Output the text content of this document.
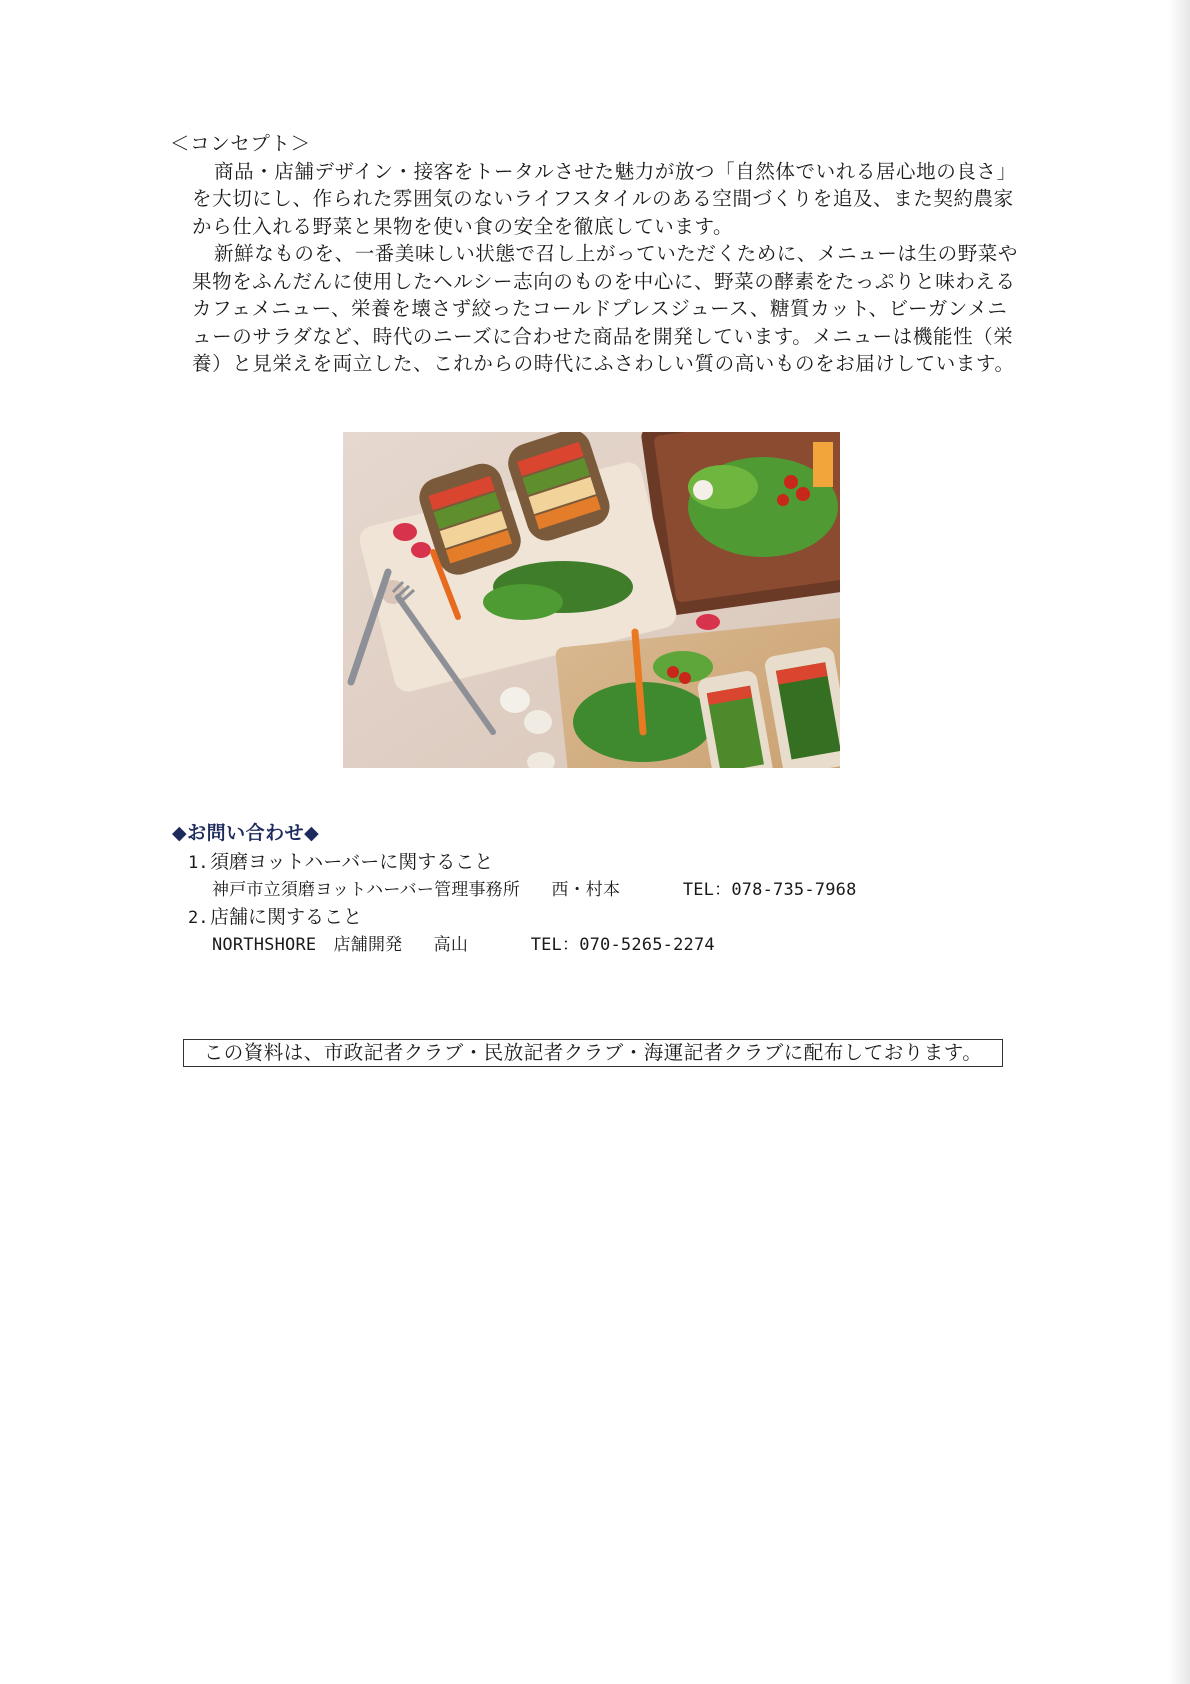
＜コンセプト＞

商品・店舗デザイン・接客をトータルさせた魅力が放つ「自然体でいれる居心地の良さ」を大切にし、作られた雰囲気のないライフスタイルのある空間づくりを追及、また契約農家から仕入れる野菜と果物を使い食の安全を徹底しています。

新鮮なものを、一番美味しい状態で召し上がっていただくために、メニューは生の野菜や果物をふんだんに使用したヘルシー志向のものを中心に、野菜の酵素をたっぷりと味わえるカフェメニュー、栄養を壊さず絞ったコールドプレスジュース、糖質カット、ビーガンメニューのサラダなど、時代のニーズに合わせた商品を開発しています。メニューは機能性（栄養）と見栄えを両立した、これからの時代にふさわしい質の高いものをお届けしています。

◆お問い合わせ◆

1.須磨ヨットハーバーに関すること

神戸市立須磨ヨットハーバー管理事務所 西・村本	TEL：078-735-7968

2.店舗に関すること

NORTHSHORE　店舗開発 高山	TEL：070-5265-2274

この資料は、市政記者クラブ・民放記者クラブ・海運記者クラブに配布しております。
